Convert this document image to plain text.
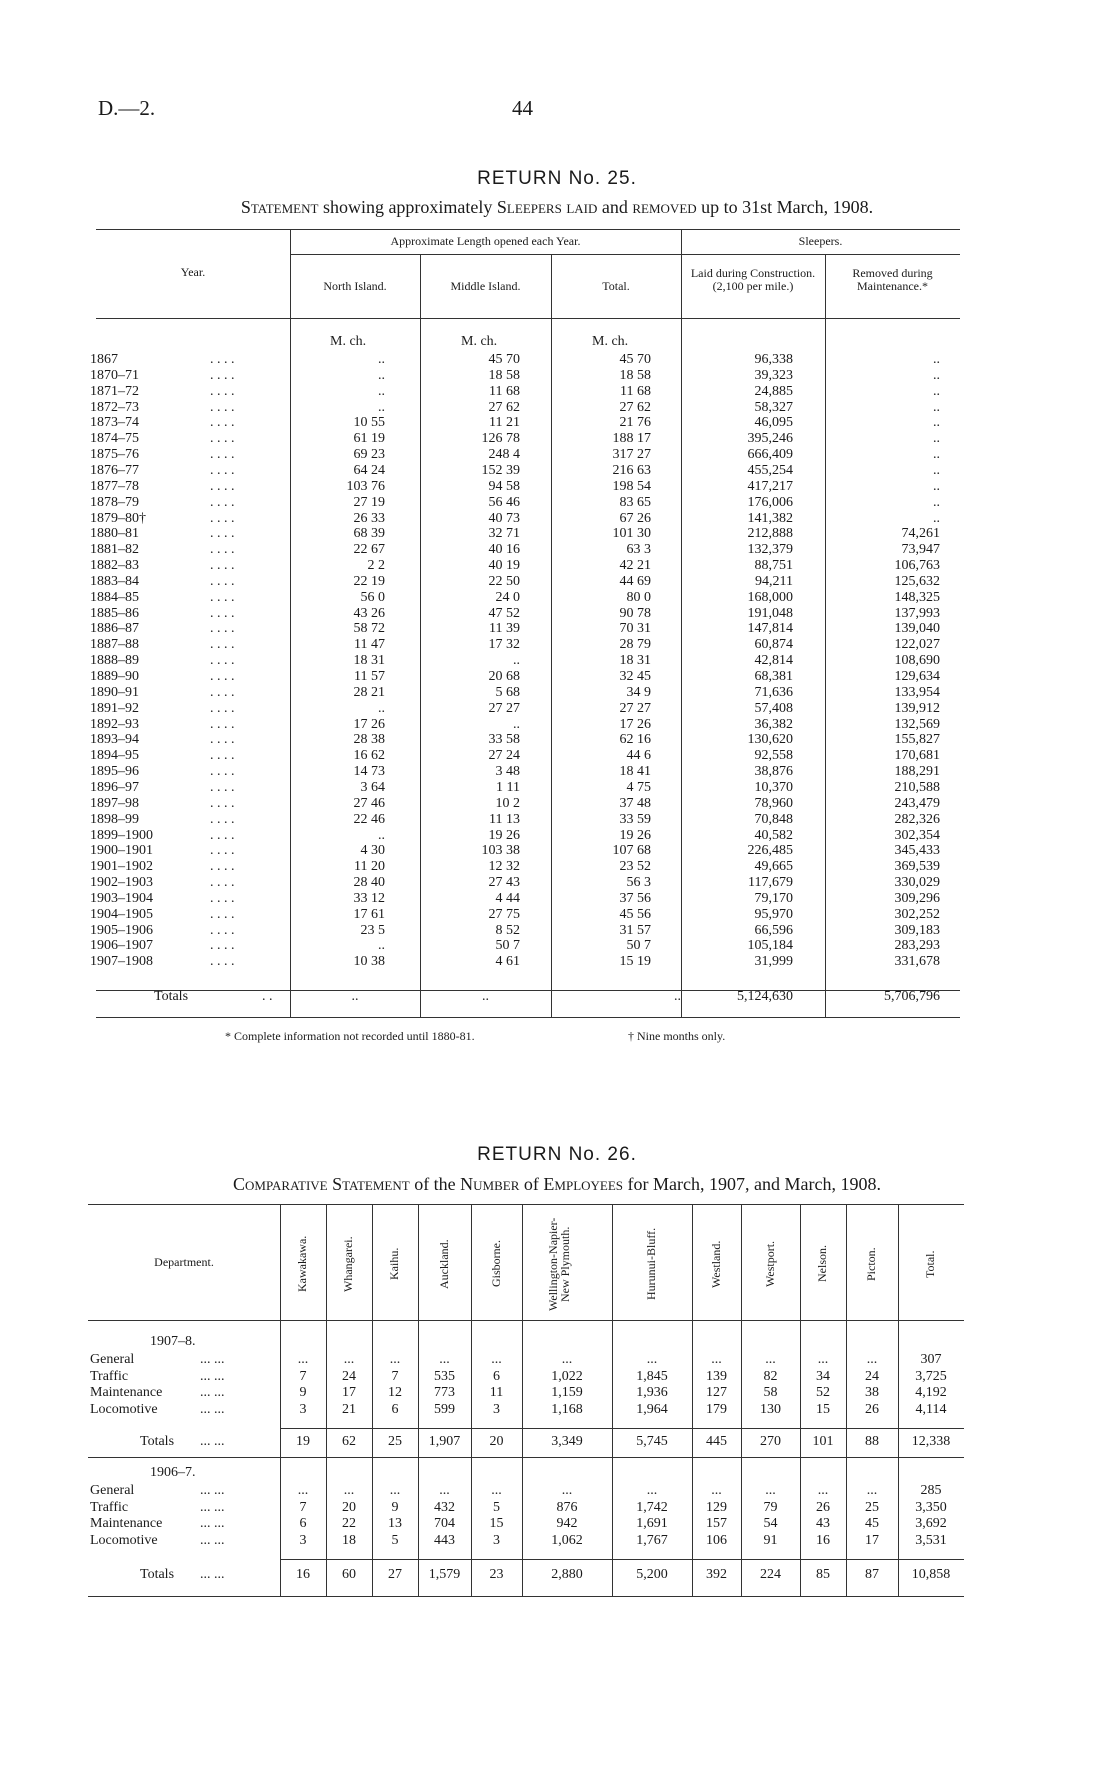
D.—2.	44
RETURN No. 25.
Statement showing approximately Sleepers laid and removed up to 31st March, 1908.
Year.
Approximate Length opened each Year.	Sleepers.
North Island.	Middle Island.	Total.
Laid during Construction. (2,100 per mile.)
Removed during Maintenance.*
M. ch.	M. ch.	M. ch.
1867	. . . .	..	45 70	45 70	96,338	..
1870–71	. . . .	..	18 58	18 58	39,323	..
1871–72	. . . .	..	11 68	11 68	24,885	..
1872–73	. . . .	..	27 62	27 62	58,327	..
1873–74	. . . .	10 55	11 21	21 76	46,095	..
1874–75	. . . .	61 19	126 78	188 17	395,246	..
1875–76	. . . .	69 23	248 4	317 27	666,409	..
1876–77	. . . .	64 24	152 39	216 63	455,254	..
1877–78	. . . .	103 76	94 58	198 54	417,217	..
1878–79	. . . .	27 19	56 46	83 65	176,006	..
1879–80†	. . . .	26 33	40 73	67 26	141,382	..
1880–81	. . . .	68 39	32 71	101 30	212,888	74,261
1881–82	. . . .	22 67	40 16	63 3	132,379	73,947
1882–83	. . . .	2 2	40 19	42 21	88,751	106,763
1883–84	. . . .	22 19	22 50	44 69	94,211	125,632
1884–85	. . . .	56 0	24 0	80 0	168,000	148,325
1885–86	. . . .	43 26	47 52	90 78	191,048	137,993
1886–87	. . . .	58 72	11 39	70 31	147,814	139,040
1887–88	. . . .	11 47	17 32	28 79	60,874	122,027
1888–89	. . . .	18 31	..	18 31	42,814	108,690
1889–90	. . . .	11 57	20 68	32 45	68,381	129,634
1890–91	. . . .	28 21	5 68	34 9	71,636	133,954
1891–92	. . . .	..	27 27	27 27	57,408	139,912
1892–93	. . . .	17 26	..	17 26	36,382	132,569
1893–94	. . . .	28 38	33 58	62 16	130,620	155,827
1894–95	. . . .	16 62	27 24	44 6	92,558	170,681
1895–96	. . . .	14 73	3 48	18 41	38,876	188,291
1896–97	. . . .	3 64	1 11	4 75	10,370	210,588
1897–98	. . . .	27 46	10 2	37 48	78,960	243,479
1898–99	. . . .	22 46	11 13	33 59	70,848	282,326
1899–1900	. . . .	..	19 26	19 26	40,582	302,354
1900–1901	. . . .	4 30	103 38	107 68	226,485	345,433
1901–1902	. . . .	11 20	12 32	23 52	49,665	369,539
1902–1903	. . . .	28 40	27 43	56 3	117,679	330,029
1903–1904	. . . .	33 12	4 44	37 56	79,170	309,296
1904–1905	. . . .	17 61	27 75	45 56	95,970	302,252
1905–1906	. . . .	23 5	8 52	31 57	66,596	309,183
1906–1907	. . . .	..	50 7	50 7	105,184	283,293
1907–1908	. . . .	10 38	4 61	15 19	31,999	331,678
Totals	. .	..	..	..	5,124,630	5,706,796
* Complete information not recorded until 1880-81.	† Nine months only.
RETURN No. 26.
Comparative Statement of the Number of Employees for March, 1907, and March, 1908.
Department.	Kawakawa.	Whangarei.	Kaihu.	Auckland.	Gisborne.	Wellington-Napier-New Plymouth.	Hurunui-Bluff.	Westland.	Westport.	Nelson.	Picton.	Total.
1907–8.
General	... ...	...	...	...	...	...	...	...	...	...	...	...	307
Traffic	... ...	7	24	7	535	6	1,022	1,845	139	82	34	24	3,725
Maintenance	... ...	9	17	12	773	11	1,159	1,936	127	58	52	38	4,192
Locomotive	... ...	3	21	6	599	3	1,168	1,964	179	130	15	26	4,114
Totals ... ...	19	62	25	1,907	20	3,349	5,745	445	270	101	88	12,338
1906–7.
General	... ...	...	...	...	...	...	...	...	...	...	...	...	285
Traffic	... ...	7	20	9	432	5	876	1,742	129	79	26	25	3,350
Maintenance	... ...	6	22	13	704	15	942	1,691	157	54	43	45	3,692
Locomotive	... ...	3	18	5	443	3	1,062	1,767	106	91	16	17	3,531
Totals ... ...	16	60	27	1,579	23	2,880	5,200	392	224	85	87	10,858
